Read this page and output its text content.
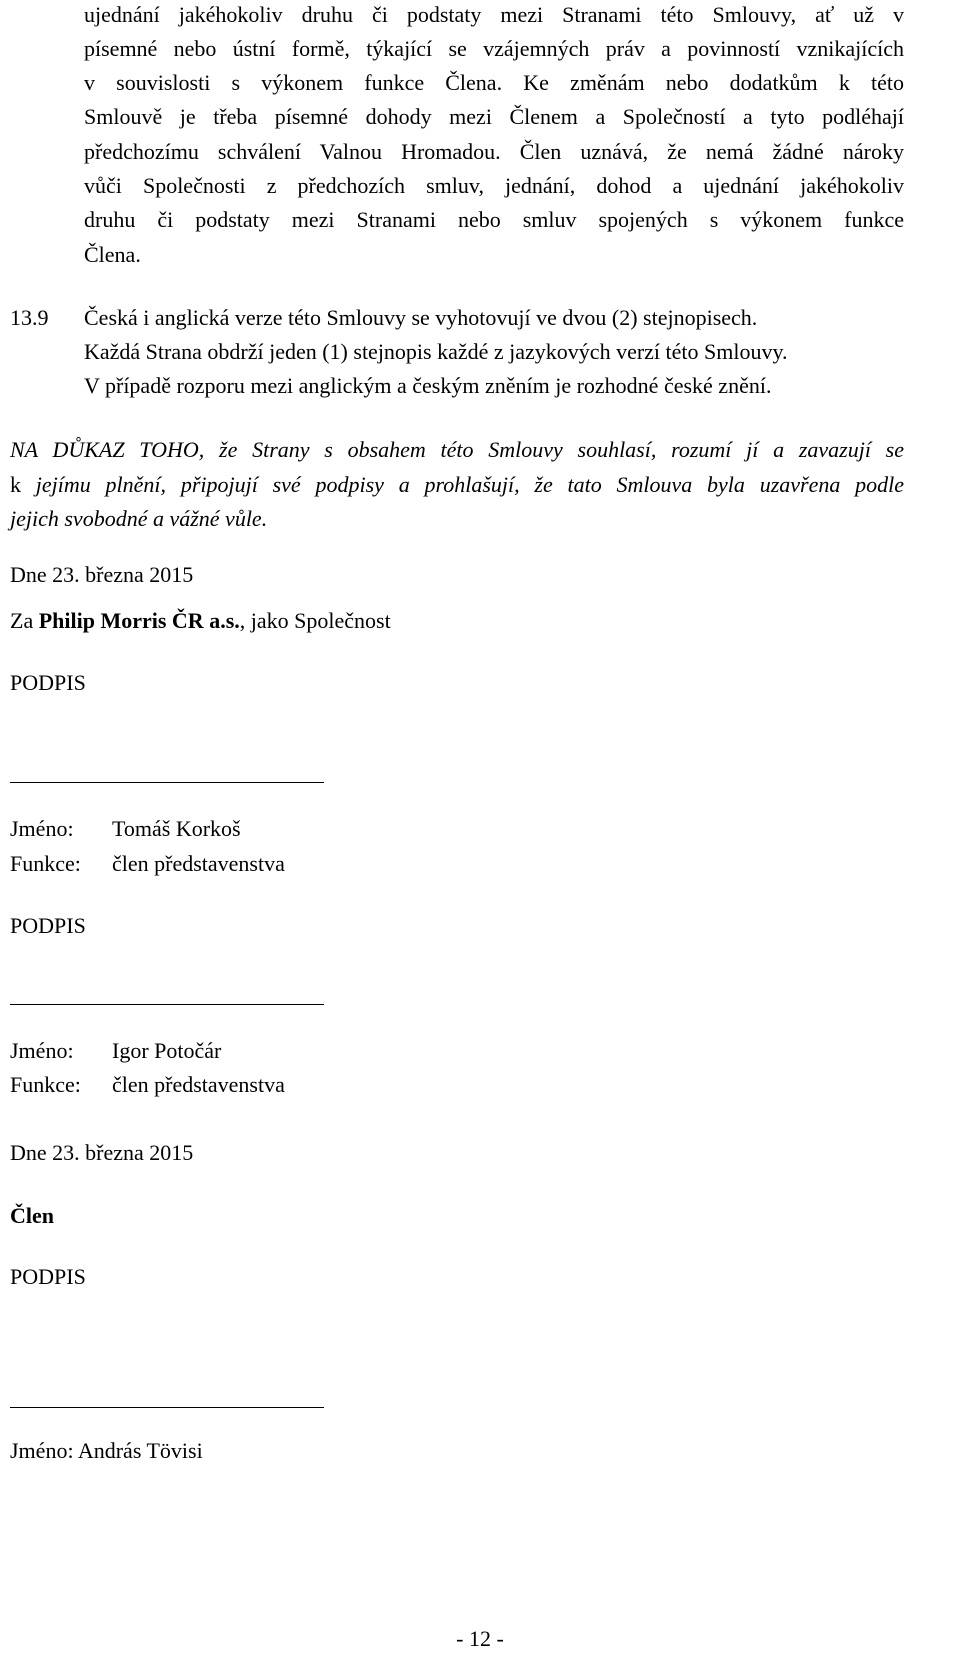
ujednání jakéhokoliv druhu či podstaty mezi Stranami této Smlouvy, ať už v
písemné nebo ústní formě, týkající se vzájemných práv a povinností vznikajících
v souvislosti s výkonem funkce Člena. Ke změnám nebo dodatkům k této
Smlouvě je třeba písemné dohody mezi Členem a Společností a tyto podléhají
předchozímu schválení Valnou Hromadou. Člen uznává, že nemá žádné nároky
vůči Společnosti z předchozích smluv, jednání, dohod a ujednání jakéhokoliv
druhu či podstaty mezi Stranami nebo smluv spojených s výkonem funkce
Člena.
13.9 Česká i anglická verze této Smlouvy se vyhotovují ve dvou (2) stejnopisech.
Každá Strana obdrží jeden (1) stejnopis každé z jazykových verzí této Smlouvy.
V případě rozporu mezi anglickým a českým zněním je rozhodné české znění.
NA DŮKAZ TOHO, že Strany s obsahem této Smlouvy souhlasí, rozumí jí a zavazují se
k jejímu plnění, připojují své podpisy a prohlašují, že tato Smlouva byla uzavřena podle
jejich svobodné a vážné vůle.
Dne 23. března 2015
Za Philip Morris ČR a.s., jako Společnost
PODPIS
Jméno: Tomáš Korkoš
Funkce: člen představenstva
PODPIS
Jméno: Igor Potočár
Funkce: člen představenstva
Dne 23. března 2015
Člen
PODPIS
Jméno: András Tövisi
- 12 -
